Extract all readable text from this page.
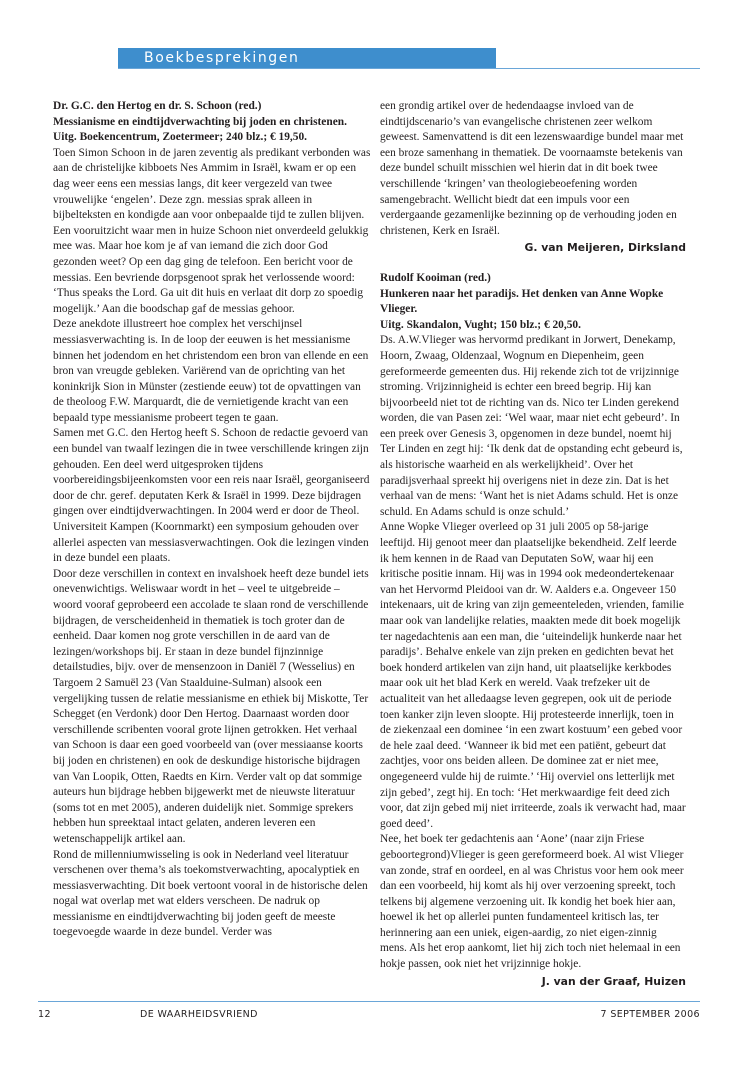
Boekbesprekingen

Dr. G.C. den Hertog en dr. S. Schoon (red.)

Messianisme en eindtijdverwachting bij joden en christenen.

Uitg. Boekencentrum, Zoetermeer; 240 blz.; € 19,50.

Toen Simon Schoon in de jaren zeventig als predikant verbonden was aan de christelijke kibboets Nes Ammim in Israël, kwam er op een dag weer eens een messias langs, dit keer vergezeld van twee vrouwelijke ‘engelen’. Deze zgn. messias sprak alleen in bijbelteksten en kondigde aan voor onbepaalde tijd te zullen blijven. Een vooruitzicht waar men in huize Schoon niet onverdeeld gelukkig mee was. Maar hoe kom je af van iemand die zich door God gezonden weet? Op een dag ging de telefoon. Een bericht voor de messias. Een bevriende dorpsgenoot sprak het verlossende woord: ‘Thus speaks the Lord. Ga uit dit huis en verlaat dit dorp zo spoedig mogelijk.’ Aan die boodschap gaf de messias gehoor.
Deze anekdote illustreert hoe complex het verschijnsel messiasverwachting is. In de loop der eeuwen is het messianisme binnen het jodendom en het christendom een bron van ellende en een bron van vreugde gebleken. Variërend van de oprichting van het koninkrijk Sion in Münster (zestiende eeuw) tot de opvattingen van de theoloog F.W. Marquardt, die de vernietigende kracht van een bepaald type messianisme probeert tegen te gaan.
Samen met G.C. den Hertog heeft S. Schoon de redactie gevoerd van een bundel van twaalf lezingen die in twee verschillende kringen zijn gehouden. Een deel werd uitgesproken tijdens voorbereidingsbijeenkomsten voor een reis naar Israël, georganiseerd door de chr. geref. deputaten Kerk & Israël in 1999. Deze bijdragen gingen over eindtijdverwachtingen. In 2004 werd er door de Theol. Universiteit Kampen (Koornmarkt) een symposium gehouden over allerlei aspecten van messiasverwachtingen. Ook die lezingen vinden in deze bundel een plaats.
Door deze verschillen in context en invalshoek heeft deze bundel iets onevenwichtigs. Weliswaar wordt in het – veel te uitgebreide – woord vooraf geprobeerd een accolade te slaan rond de verschillende bijdragen, de verscheidenheid in thematiek is toch groter dan de eenheid. Daar komen nog grote verschillen in de aard van de lezingen/workshops bij. Er staan in deze bundel fijnzinnige detailstudies, bijv. over de mensenzoon in Daniël 7 (Wesselius) en Targoem 2 Samuël 23 (Van Staalduine-Sulman) alsook een vergelijking tussen de relatie messianisme en ethiek bij Miskotte, Ter Schegget (en Verdonk) door Den Hertog. Daarnaast worden door verschillende scribenten vooral grote lijnen getrokken. Het verhaal van Schoon is daar een goed voorbeeld van (over messiaanse koorts bij joden en christenen) en ook de deskundige historische bijdragen van Van Loopik, Otten, Raedts en Kirn. Verder valt op dat sommige auteurs hun bijdrage hebben bijgewerkt met de nieuwste literatuur (soms tot en met 2005), anderen duidelijk niet. Sommige sprekers hebben hun spreektaal intact gelaten, anderen leveren een wetenschappelijk artikel aan.
Rond de millenniumwisseling is ook in Nederland veel literatuur verschenen over thema’s als toekomstverwachting, apocalyptiek en messiasverwachting. Dit boek vertoont vooral in de historische delen nogal wat overlap met wat elders verscheen. De nadruk op messianisme en eindtijdverwachting bij joden geeft de meeste toegevoegde waarde in deze bundel. Verder was

een grondig artikel over de hedendaagse invloed van de eindtijdscenario’s van evangelische christenen zeer welkom geweest. Samenvattend is dit een lezenswaardige bundel maar met een broze samenhang in thematiek. De voornaamste betekenis van deze bundel schuilt misschien wel hierin dat in dit boek twee verschillende ‘kringen’ van theologiebeoefening worden samengebracht. Wellicht biedt dat een impuls voor een verdergaande gezamenlijke bezinning op de verhouding joden en christenen, Kerk en Israël.

G. van Meijeren, Dirksland

Rudolf Kooiman (red.)

Hunkeren naar het paradijs. Het denken van Anne Wopke Vlieger.

Uitg. Skandalon, Vught; 150 blz.; € 20,50.

Ds. A.W.Vlieger was hervormd predikant in Jorwert, Denekamp, Hoorn, Zwaag, Oldenzaal, Wognum en Diepenheim, geen gereformeerde gemeenten dus. Hij rekende zich tot de vrijzinnige stroming. Vrijzinnigheid is echter een breed begrip. Hij kan bijvoorbeeld niet tot de richting van ds. Nico ter Linden gerekend worden, die van Pasen zei: ‘Wel waar, maar niet echt gebeurd’. In een preek over Genesis 3, opgenomen in deze bundel, noemt hij Ter Linden en zegt hij: ‘Ik denk dat de opstanding echt gebeurd is, als historische waarheid en als werkelijkheid’. Over het paradijsverhaal spreekt hij overigens niet in deze zin. Dat is het verhaal van de mens: ‘Want het is niet Adams schuld. Het is onze schuld. En Adams schuld is onze schuld.’
Anne Wopke Vlieger overleed op 31 juli 2005 op 58-jarige leeftijd. Hij genoot meer dan plaatselijke bekendheid. Zelf leerde ik hem kennen in de Raad van Deputaten SoW, waar hij een kritische positie innam. Hij was in 1994 ook medeondertekenaar van het Hervormd Pleidooi van dr. W. Aalders e.a. Ongeveer 150 intekenaars, uit de kring van zijn gemeenteleden, vrienden, familie maar ook van landelijke relaties, maakten mede dit boek mogelijk ter nagedachtenis aan een man, die ‘uiteindelijk hunkerde naar het paradijs’. Behalve enkele van zijn preken en gedichten bevat het boek honderd artikelen van zijn hand, uit plaatselijke kerkbodes maar ook uit het blad Kerk en wereld. Vaak trefzeker uit de actualiteit van het alledaagse leven gegrepen, ook uit de periode toen kanker zijn leven sloopte. Hij protesteerde innerlijk, toen in de ziekenzaal een dominee ‘in een zwart kostuum’ een gebed voor de hele zaal deed. ‘Wanneer ik bid met een patiënt, gebeurt dat zachtjes, voor ons beiden alleen. De dominee zat er niet mee, ongegeneerd vulde hij de ruimte.’ ‘Hij overviel ons letterlijk met zijn gebed’, zegt hij. En toch: ‘Het merkwaardige feit deed zich voor, dat zijn gebed mij niet irriteerde, zoals ik verwacht had, maar goed deed’.
Nee, het boek ter gedachtenis aan ‘Aone’ (naar zijn Friese geboortegrond)Vlieger is geen gereformeerd boek. Al wist Vlieger van zonde, straf en oordeel, en al was Christus voor hem ook meer dan een voorbeeld, hij komt als hij over verzoening spreekt, toch telkens bij algemene verzoening uit. Ik kondig het boek hier aan, hoewel ik het op allerlei punten fundamenteel kritisch las, ter herinnering aan een uniek, eigen-aardig, zo niet eigen-zinnig mens. Als het erop aankomt, liet hij zich toch niet helemaal in een hokje passen, ook niet het vrijzinnige hokje.

J. van der Graaf, Huizen

12	DE WAARHEIDSVRIEND	7 SEPTEMBER 2006
